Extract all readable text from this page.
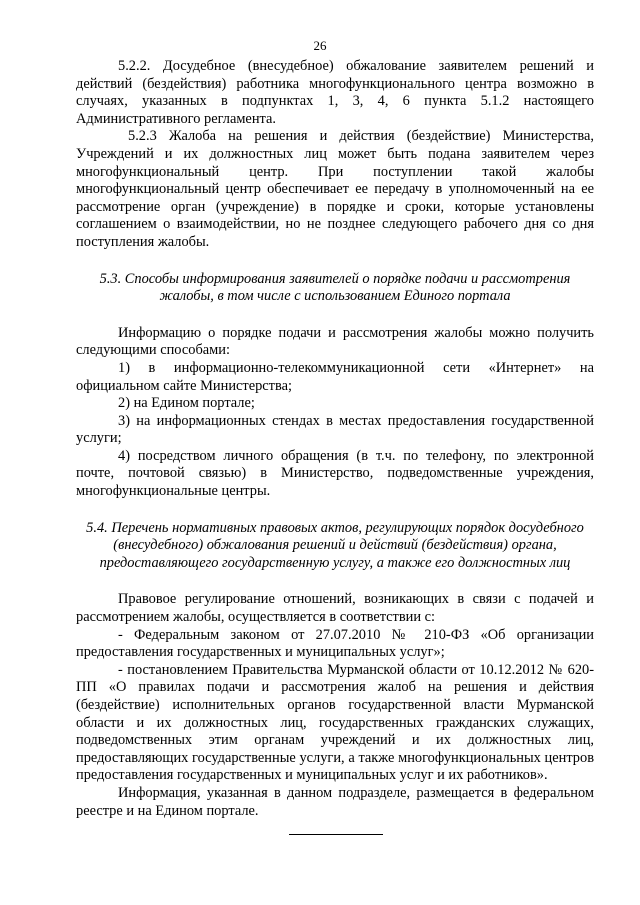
26

5.2.2. Досудебное (внесудебное) обжалование заявителем решений и действий (бездействия) работника многофункционального центра возможно в случаях, указанных в подпунктах 1, 3, 4, 6 пункта 5.1.2 настоящего Административного регламента.

5.2.3 Жалоба на решения и действия (бездействие) Министерства, Учреждений и их должностных лиц может быть подана заявителем через многофункциональный центр. При поступлении такой жалобы многофункциональный центр обеспечивает ее передачу в уполномоченный на ее рассмотрение орган (учреждение) в порядке и сроки, которые установлены соглашением о взаимодействии, но не позднее следующего рабочего дня со дня поступления жалобы.

5.3. Способы информирования заявителей о порядке подачи и рассмотрения жалобы, в том числе с использованием Единого портала

Информацию о порядке подачи и рассмотрения жалобы можно получить следующими способами:

1) в информационно-телекоммуникационной сети «Интернет» на официальном сайте Министерства;

2) на Едином портале;

3) на информационных стендах в местах предоставления государственной услуги;

4) посредством личного обращения (в т.ч. по телефону, по электронной почте, почтовой связью) в Министерство, подведомственные учреждения, многофункциональные центры.

5.4. Перечень нормативных правовых актов, регулирующих порядок досудебного (внесудебного) обжалования решений и действий (бездействия) органа, предоставляющего государственную услугу, а также его должностных лиц

Правовое регулирование отношений, возникающих в связи с подачей и рассмотрением жалобы, осуществляется в соответствии с:

- Федеральным законом от 27.07.2010 № 210-ФЗ «Об организации предоставления государственных и муниципальных услуг»;

- постановлением Правительства Мурманской области от 10.12.2012 № 620-ПП «О правилах подачи и рассмотрения жалоб на решения и действия (бездействие) исполнительных органов государственной власти Мурманской области и их должностных лиц, государственных гражданских служащих, подведомственных этим органам учреждений и их должностных лиц, предоставляющих государственные услуги, а также многофункциональных центров предоставления государственных и муниципальных услуг и их работников».

Информация, указанная в данном подразделе, размещается в федеральном реестре и на Едином портале.
